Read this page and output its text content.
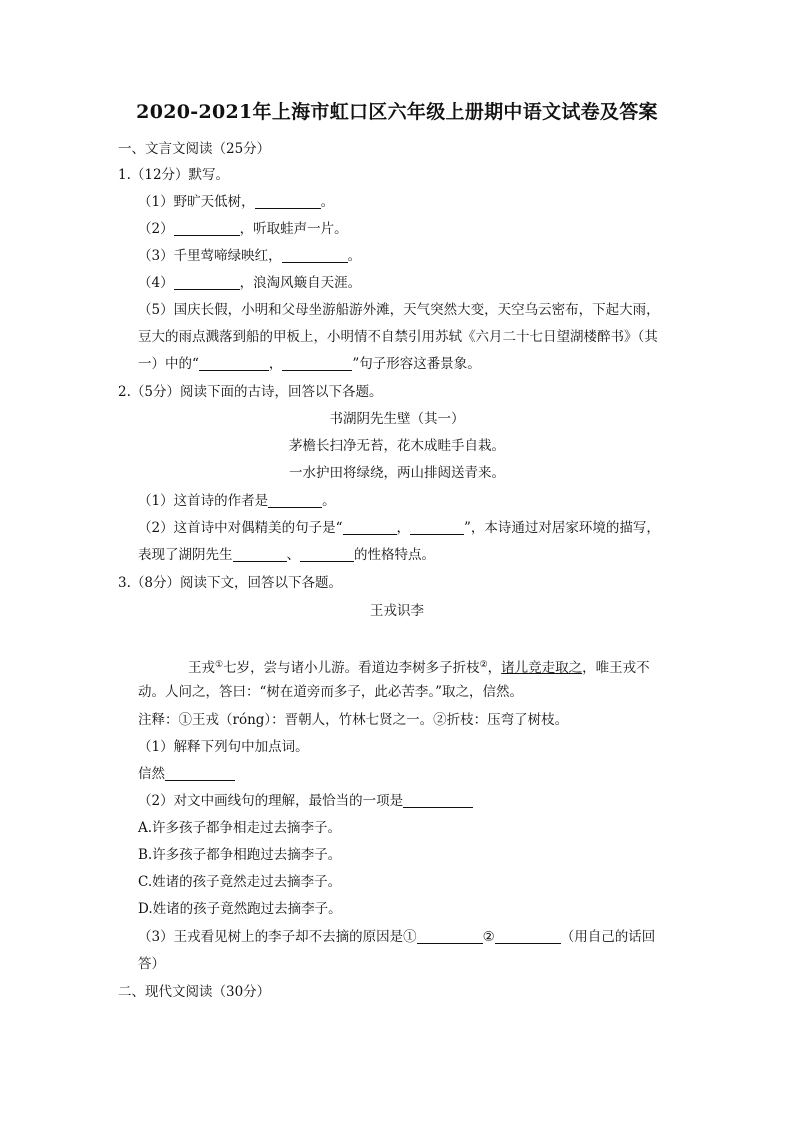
2020-2021年上海市虹口区六年级上册期中语文试卷及答案
一、文言文阅读（25分）
1.（12分）默写。
（1）野旷天低树，	。
（2）	，听取蛙声一片。
（3）千里莺啼绿映红，	。
（4）	，浪淘风簸自天涯。
（5）国庆长假，小明和父母坐游船游外滩，天气突然大变，天空乌云密布，下起大雨，
豆大的雨点溅落到船的甲板上，小明情不自禁引用苏轼《六月二十七日望湖楼醉书》（其
一）中的“	，	”句子形容这番景象。
2.（5分）阅读下面的古诗，回答以下各题。
书湖阴先生壁（其一）
茅檐长扫净无苔，花木成畦手自栽。
一水护田将绿绕，两山排闼送青来。
（1）这首诗的作者是	。
（2）这首诗中对偶精美的句子是“	，	”，本诗通过对居家环境的描写，
表现了湖阴先生	、	的性格特点。
3.（8分）阅读下文，回答以下各题。
王戎识李
王戎①七岁，尝与诸小儿游。看道边李树多子折枝②，诸儿竞走取之，唯王戎不
动。人问之，答曰：“树在道旁而多子，此必苦李。”取之，信然。
注释：①王戎（róng）：晋朝人，竹林七贤之一。②折枝：压弯了树枝。
（1）解释下列句中加点词。
信然
（2）对文中画线句的理解，最恰当的一项是
A.许多孩子都争相走过去摘李子。
B.许多孩子都争相跑过去摘李子。
C.姓诸的孩子竟然走过去摘李子。
D.姓诸的孩子竟然跑过去摘李子。
（3）王戎看见树上的李子却不去摘的原因是①	②	（用自己的话回
答）
二、现代文阅读（30分）
